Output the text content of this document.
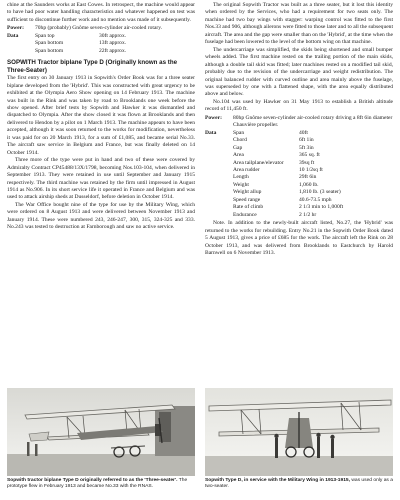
chine at the Saunders works at East Cowes. In retrospect, the machine would appear to have had poor water handling characteristics and whatever happened on test was sufficient to discontinue further work and no mention was made of it subsequently.

Power:	70hp (probably) Gnôme seven-cylinder air-cooled rotary.
Data	Span top	30ft approx.
Span bottom	13ft approx.
Span bottom	22ft approx.
SOPWITH Tractor biplane Type D (Originally known as the Three-Seater)

The first entry on 30 January 1913 in Sopwith's Order Book was for a three seater biplane developed from the 'Hybrid'. This was constructed with great urgency to be exhibited at the Olympia Aero Show opening on 14 February 1913. The machine was built in the Rink and was taken by road to Brooklands one week before the show opened. After brief tests by Sopwith and Hawker it was dismantled and dispatched to Olympia. After the show closed it was flown at Brooklands and then delivered to Hendon by a pilot on 1 March 1913. The machine appears to have been accepted, although it was soon returned to the works for modification, nevertheless it was paid for on 20 March 1913, for a sum of £1,085, and became serial No.33. The aircraft saw service in Belgium and France, but was finally deleted on 14 October 1914.

Three more of the type were put in hand and two of these were covered by Admiralty Contract CP45488/13X/1798, becoming Nos.103-104, when delivered in September 1913. They were retained in use until September and January 1915 respectively. The third machine was retained by the firm until impressed in August 1914 as No.906. In its short service life it operated in France and Belgium and was used to attack airship sheds at Dusseldorf, before deletion in October 1914.

The War Office bought nine of the type for use by the Military Wing, which were ordered on 8 August 1913 and were delivered between November 1913 and January 1914. These were numbered 243, 246-247, 300, 315, 324-325 and 333. No.243 was tested to destruction at Farnborough and saw no active service.

The original Sopwith Tractor was built as a three seater, but it lost this identity when ordered by the Services, who had a requirement for two seats only. The machine had two bay wings with stagger: warping control was fitted to the first Nos.33 and 906, although ailerons were fitted to those later and to all the subsequent aircraft. The area and the gap were smaller than on the 'Hybrid', at the time when the fuselage had been lowered to the level of the bottom wing on that machine.

The undercarriage was simplified, the skids being shortened and small bumper wheels added. The first machine rested on the trailing portion of the main skids, although a double tail skid was fitted; later machines rested on a modified tail skid, probably due to the revision of the undercarriage and weight redistribution. The original balanced rudder with curved outline and area mainly above the fuselage, was superseded by one with a flattened shape, with the area equally distributed above and below.

No.104 was used by Hawker on 31 May 1913 to establish a British altitude record of 11,450 ft.

Power:	80hp Gnôme seven-cylinder air-cooled rotary driving a 8ft 6in diameter Chauvière propeller.
Data	Span	40ft
Chord	6ft 1in
Gap	5ft 3in
Area	365 sq. ft
Area tailplane/elevator	39sq ft
Area rudder	10 1/2sq ft
Length	29ft 6in
Weight	1,060 lb.
Weight allup	1,810 lb. (3 seater)
Speed range	40.6-73.5 mph
Rate of climb	2 1/3 min to 1,000ft
Endurance	2 1/2 hr

Note. In addition to the newly-built aircraft listed, No.27, the 'Hybrid' was returned to the works for rebuilding. Entry No.21 in the Sopwith Order Book dated 5 August 1913, gives a price of £685 for the work. The aircraft left the Rink on 28 October 1913, and was delivered from Brooklands to Eastchurch by Harold Barnwell on 6 November 1913.

Sopwith tractor biplane Type D originally referred to as the 'Three-seater'. The prototype flew in February 1913 and became No.33 with the RNAS.
Sopwith Type D, in service with the Military Wing in 1913-1915, was used only as a two-seater.
